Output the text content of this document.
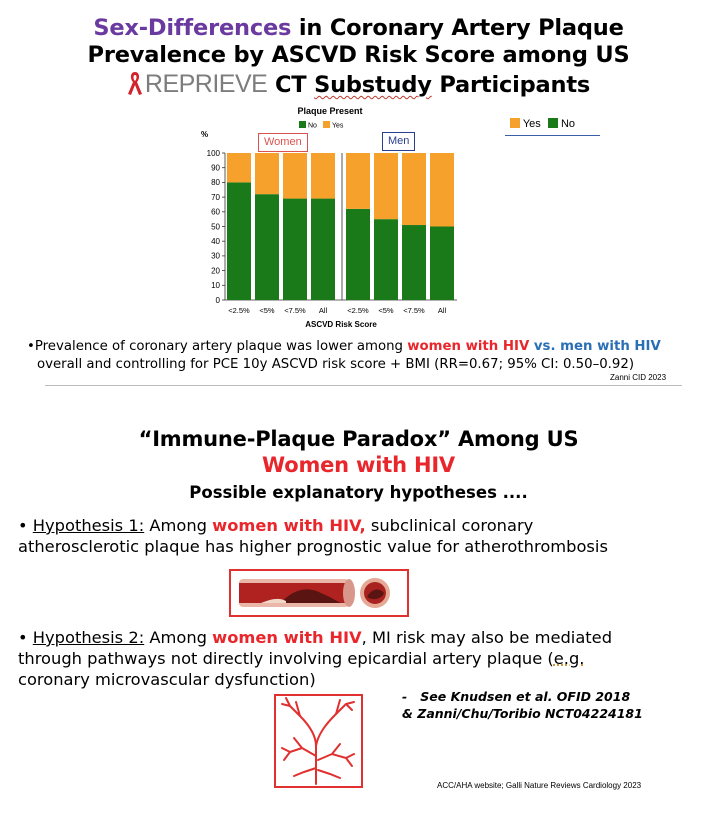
Sex-Differences in Coronary Artery Plaque
Prevalence by ASCVD Risk Score among US
REPRIEVE CT Substudy Participants
Yes No
Plaque Present
No Yes
%
0
10
20
30
40
50
60
70
80
90
100
<2.5% <5% <7.5% All	<2.5% <5% <7.5% All
ASCVD Risk Score
Women	Men
•Prevalence of coronary artery plaque was lower among women with HIV vs. men with HIV
overall and controlling for PCE 10y ASCVD risk score + BMI (RR=0.67; 95% CI: 0.50–0.92)
Zanni CID 2023
“Immune-Plaque Paradox” Among US
Women with HIV
Possible explanatory hypotheses ....
• Hypothesis 1: Among women with HIV, subclinical coronary
atherosclerotic plaque has higher prognostic value for atherothrombosis
• Hypothesis 2: Among women with HIV, MI risk may also be mediated
through pathways not directly involving epicardial artery plaque (e.g.
coronary microvascular dysfunction)
- See Knudsen et al. OFID 2018
& Zanni/Chu/Toribio NCT04224181
ACC/AHA website; Galli Nature Reviews Cardiology 2023
